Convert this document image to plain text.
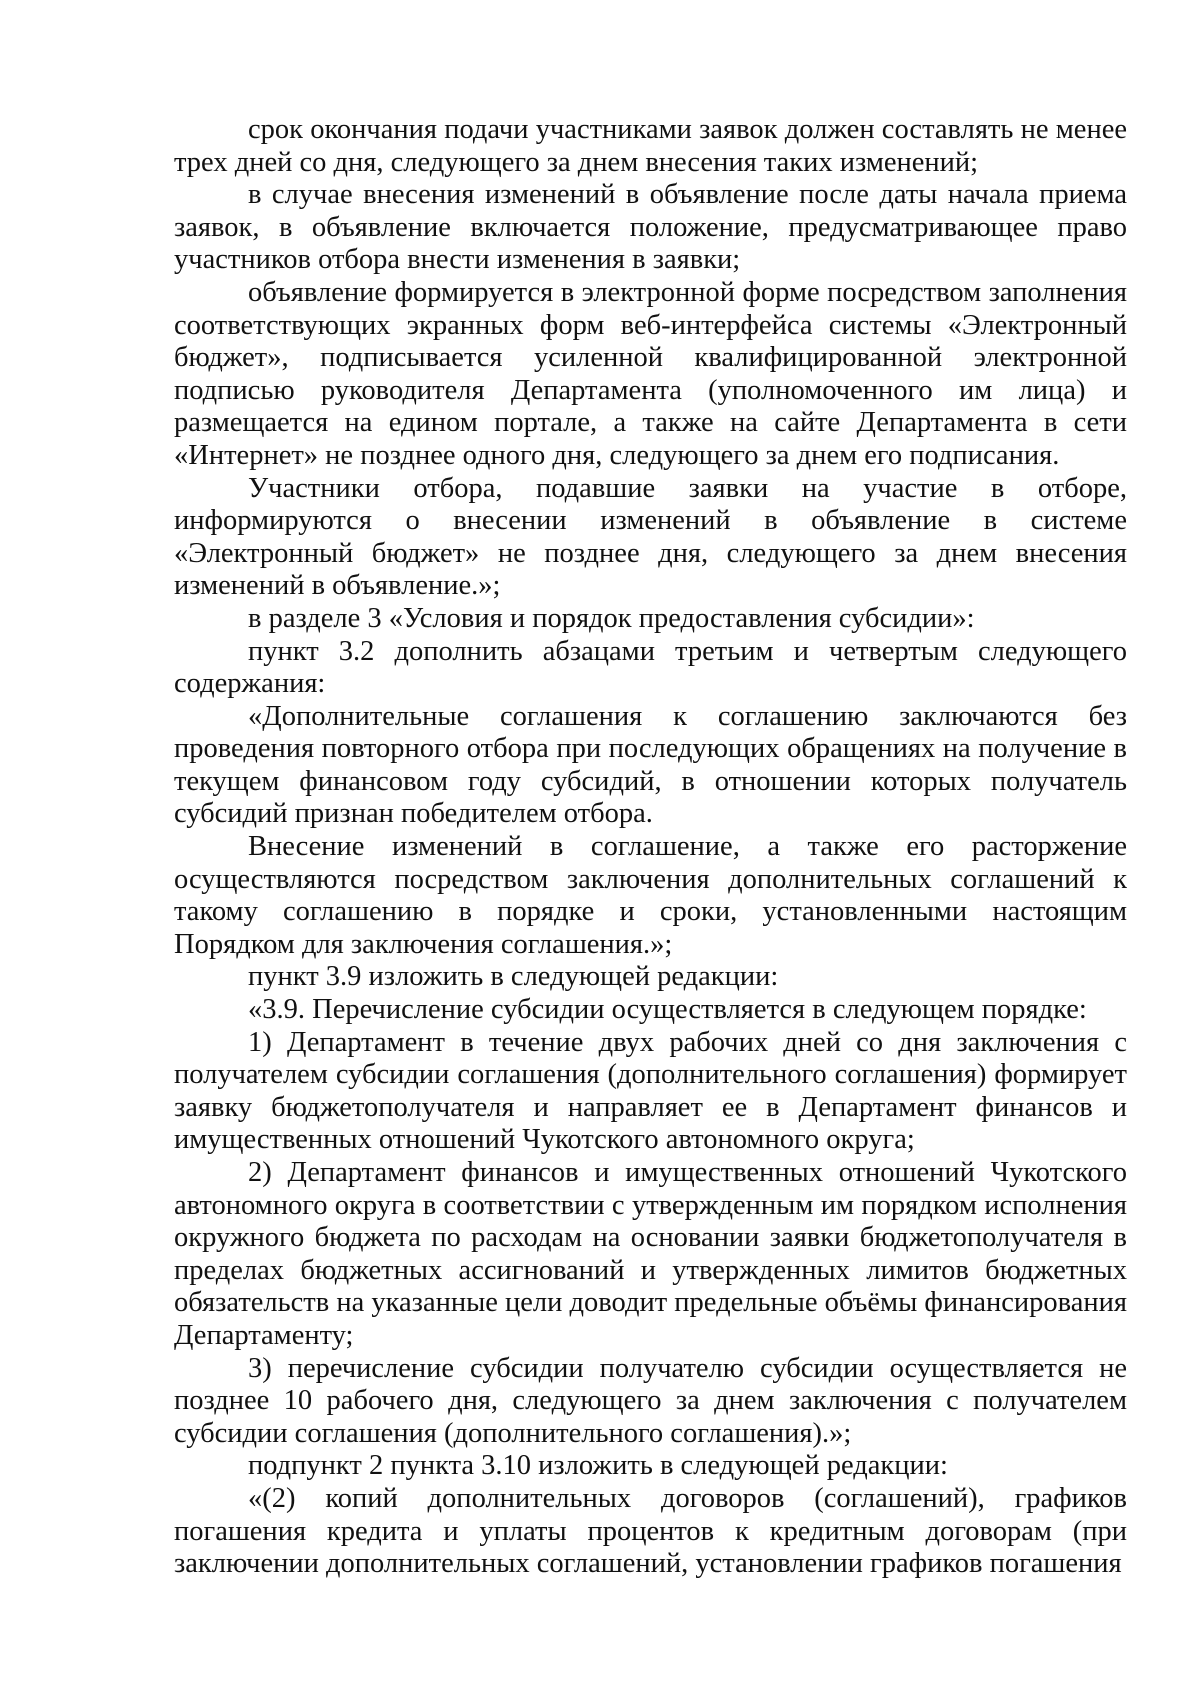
срок окончания подачи участниками заявок должен составлять не менее трех дней со дня, следующего за днем внесения таких изменений;

в случае внесения изменений в объявление после даты начала приема заявок, в объявление включается положение, предусматривающее право участников отбора внести изменения в заявки;

объявление формируется в электронной форме посредством заполнения соответствующих экранных форм веб-интерфейса системы «Электронный бюджет», подписывается усиленной квалифицированной электронной подписью руководителя Департамента (уполномоченного им лица) и размещается на едином портале, а также на сайте Департамента в сети «Интернет» не позднее одного дня, следующего за днем его подписания.

Участники отбора, подавшие заявки на участие в отборе, информируются о внесении изменений в объявление в системе «Электронный бюджет» не позднее дня, следующего за днем внесения изменений в объявление.»;

в разделе 3 «Условия и порядок предоставления субсидии»:

пункт 3.2 дополнить абзацами третьим и четвертым следующего содержания:

«Дополнительные соглашения к соглашению заключаются без проведения повторного отбора при последующих обращениях на получение в текущем финансовом году субсидий, в отношении которых получатель субсидий признан победителем отбора.

Внесение изменений в соглашение, а также его расторжение осуществляются посредством заключения дополнительных соглашений к такому соглашению в порядке и сроки, установленными настоящим Порядком для заключения соглашения.»;

пункт 3.9 изложить в следующей редакции:

«3.9. Перечисление субсидии осуществляется в следующем порядке:

1) Департамент в течение двух рабочих дней со дня заключения с получателем субсидии соглашения (дополнительного соглашения) формирует заявку бюджетополучателя и направляет ее в Департамент финансов и имущественных отношений Чукотского автономного округа;

2) Департамент финансов и имущественных отношений Чукотского автономного округа в соответствии с утвержденным им порядком исполнения окружного бюджета по расходам на основании заявки бюджетополучателя в пределах бюджетных ассигнований и утвержденных лимитов бюджетных обязательств на указанные цели доводит предельные объёмы финансирования Департаменту;

3) перечисление субсидии получателю субсидии осуществляется не позднее 10 рабочего дня, следующего за днем заключения с получателем субсидии соглашения (дополнительного соглашения).»;

подпункт 2 пункта 3.10 изложить в следующей редакции:

«(2) копий дополнительных договоров (соглашений), графиков погашения кредита и уплаты процентов к кредитным договорам (при заключении дополнительных соглашений, установлении графиков погашения
